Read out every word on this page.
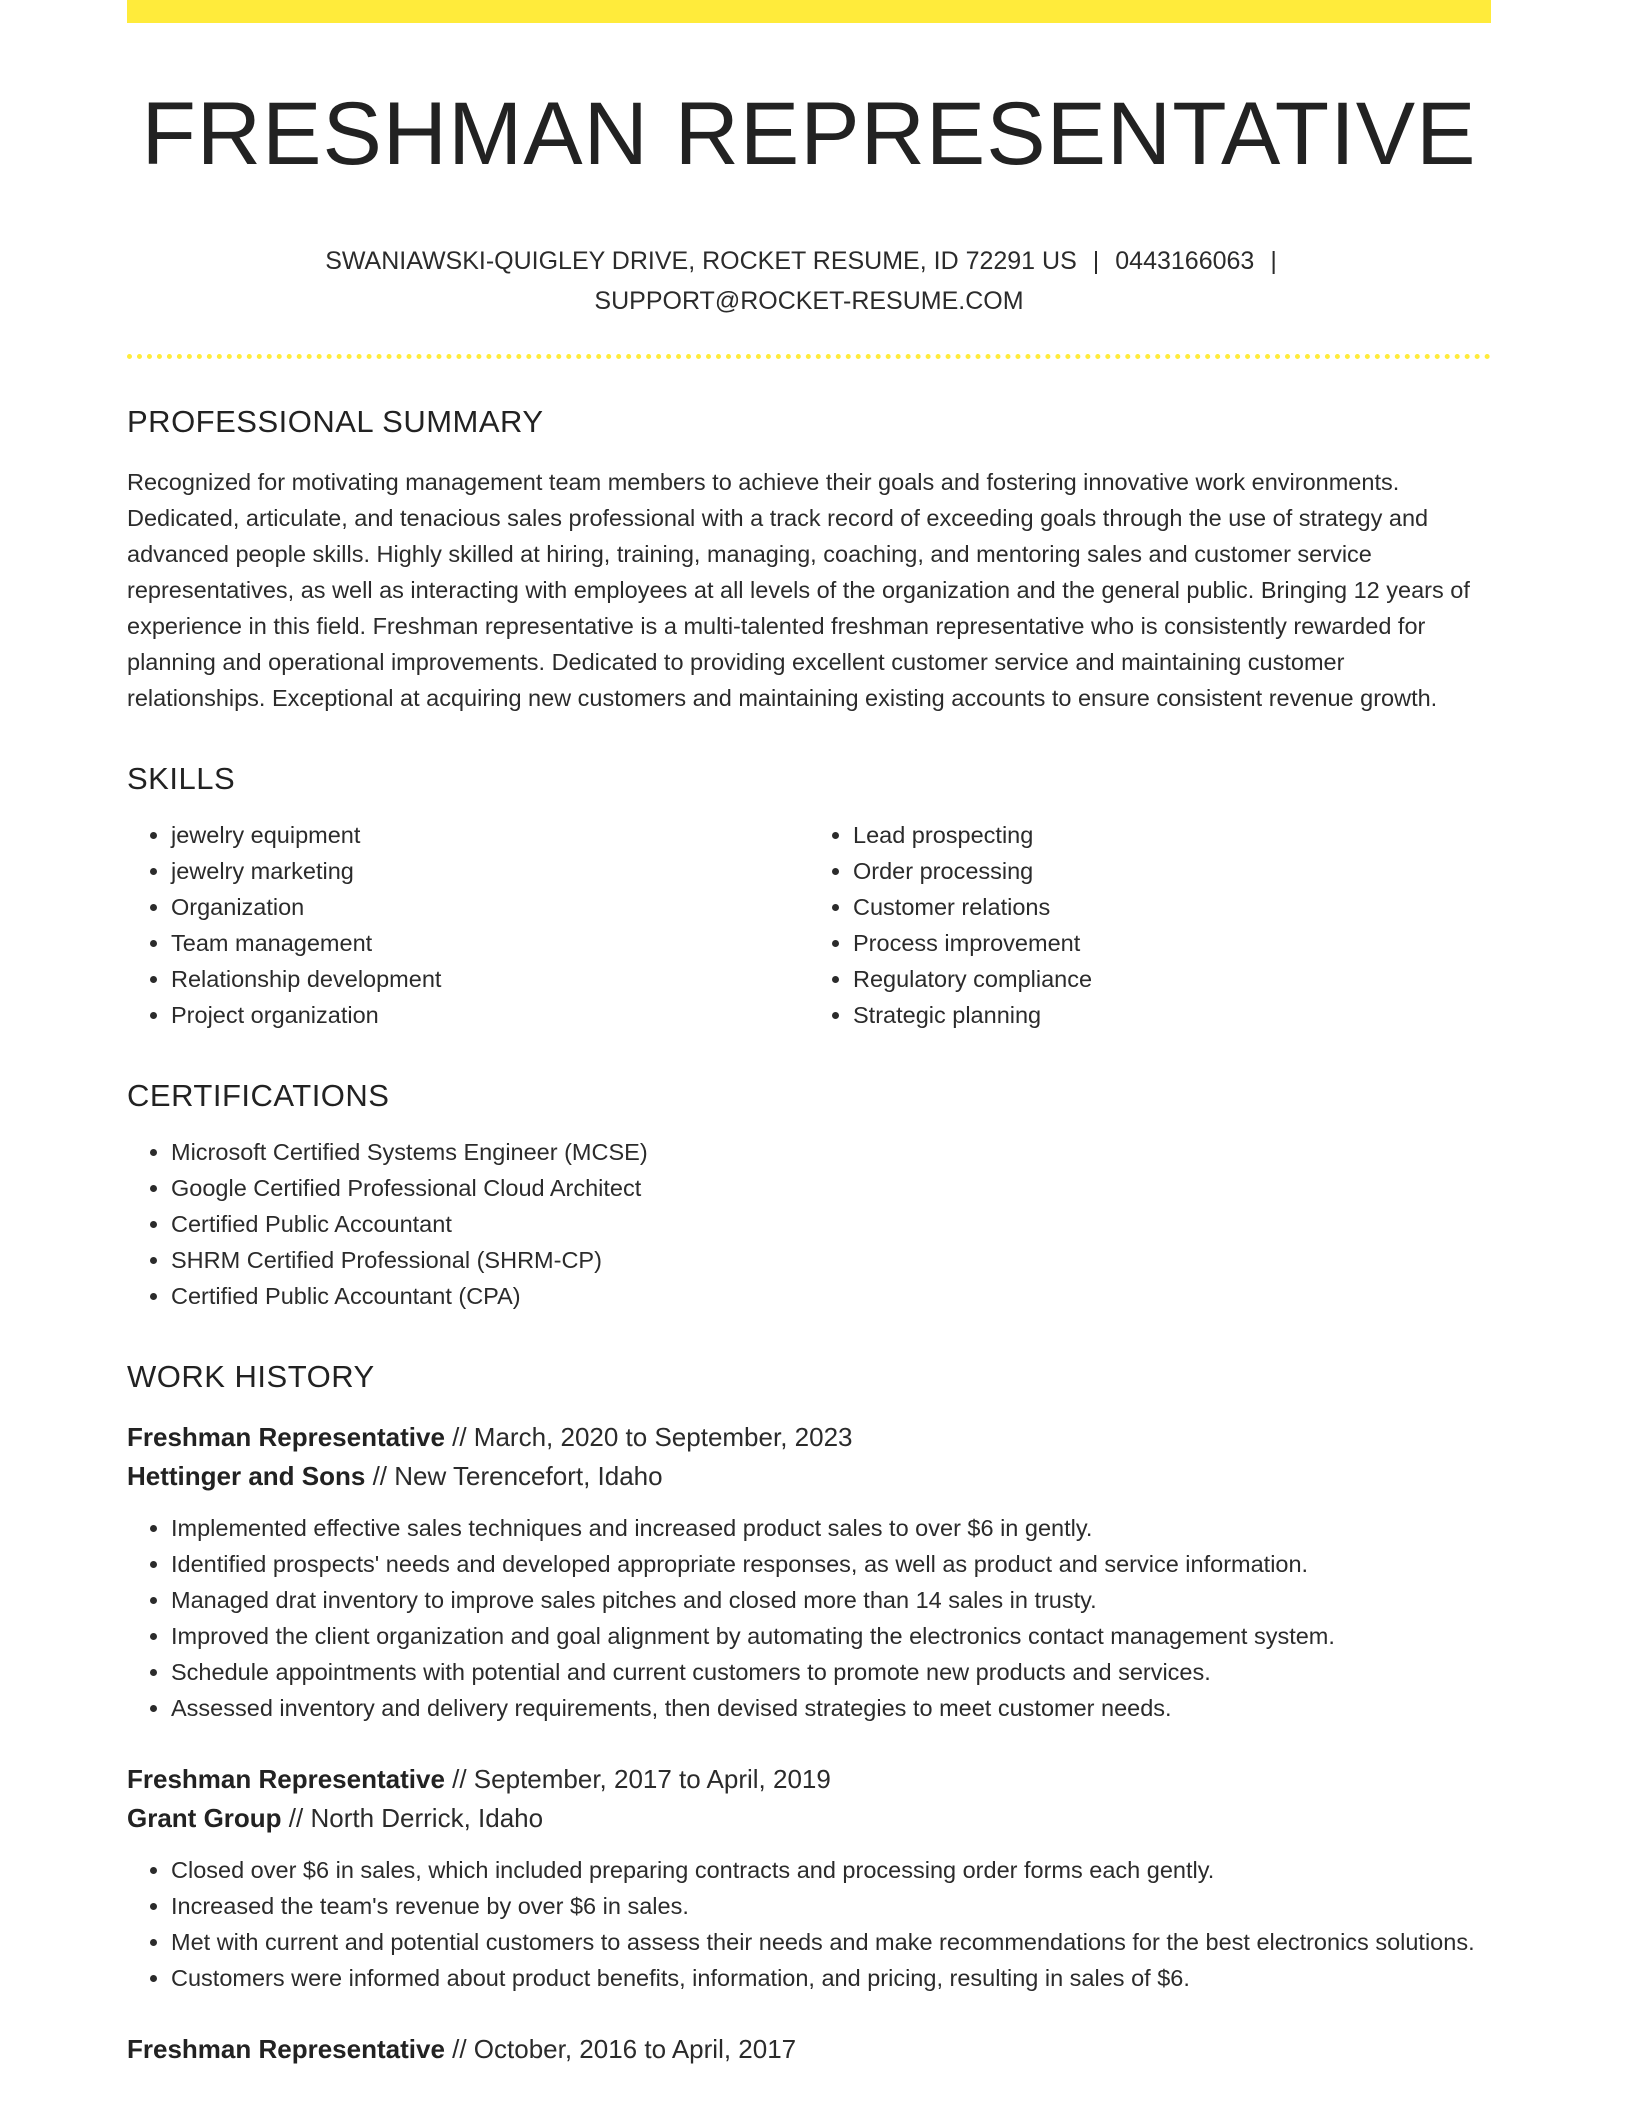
FRESHMAN REPRESENTATIVE
SWANIAWSKI-QUIGLEY DRIVE, ROCKET RESUME, ID 72291 US | 0443166063 |
SUPPORT@ROCKET-RESUME.COM
PROFESSIONAL SUMMARY

Recognized for motivating management team members to achieve their goals and fostering innovative work environments. Dedicated, articulate, and tenacious sales professional with a track record of exceeding goals through the use of strategy and advanced people skills. Highly skilled at hiring, training, managing, coaching, and mentoring sales and customer service representatives, as well as interacting with employees at all levels of the organization and the general public. Bringing 12 years of experience in this field. Freshman representative is a multi-talented freshman representative who is consistently rewarded for planning and operational improvements. Dedicated to providing excellent customer service and maintaining customer relationships. Exceptional at acquiring new customers and maintaining existing accounts to ensure consistent revenue growth.

SKILLS
• jewelry equipment
• jewelry marketing
• Organization
• Team management
• Relationship development
• Project organization
• Lead prospecting
• Order processing
• Customer relations
• Process improvement
• Regulatory compliance
• Strategic planning
CERTIFICATIONS
• Microsoft Certified Systems Engineer (MCSE)
• Google Certified Professional Cloud Architect
• Certified Public Accountant
• SHRM Certified Professional (SHRM-CP)
• Certified Public Accountant (CPA)
WORK HISTORY
Freshman Representative // March, 2020 to September, 2023
Hettinger and Sons // New Terencefort, Idaho
• Implemented effective sales techniques and increased product sales to over $6 in gently.
• Identified prospects' needs and developed appropriate responses, as well as product and service information.
• Managed drat inventory to improve sales pitches and closed more than 14 sales in trusty.
• Improved the client organization and goal alignment by automating the electronics contact management system.
• Schedule appointments with potential and current customers to promote new products and services.
• Assessed inventory and delivery requirements, then devised strategies to meet customer needs.
Freshman Representative // September, 2017 to April, 2019
Grant Group // North Derrick, Idaho
• Closed over $6 in sales, which included preparing contracts and processing order forms each gently.
• Increased the team's revenue by over $6 in sales.
• Met with current and potential customers to assess their needs and make recommendations for the best electronics solutions.
• Customers were informed about product benefits, information, and pricing, resulting in sales of $6.
Freshman Representative // October, 2016 to April, 2017
